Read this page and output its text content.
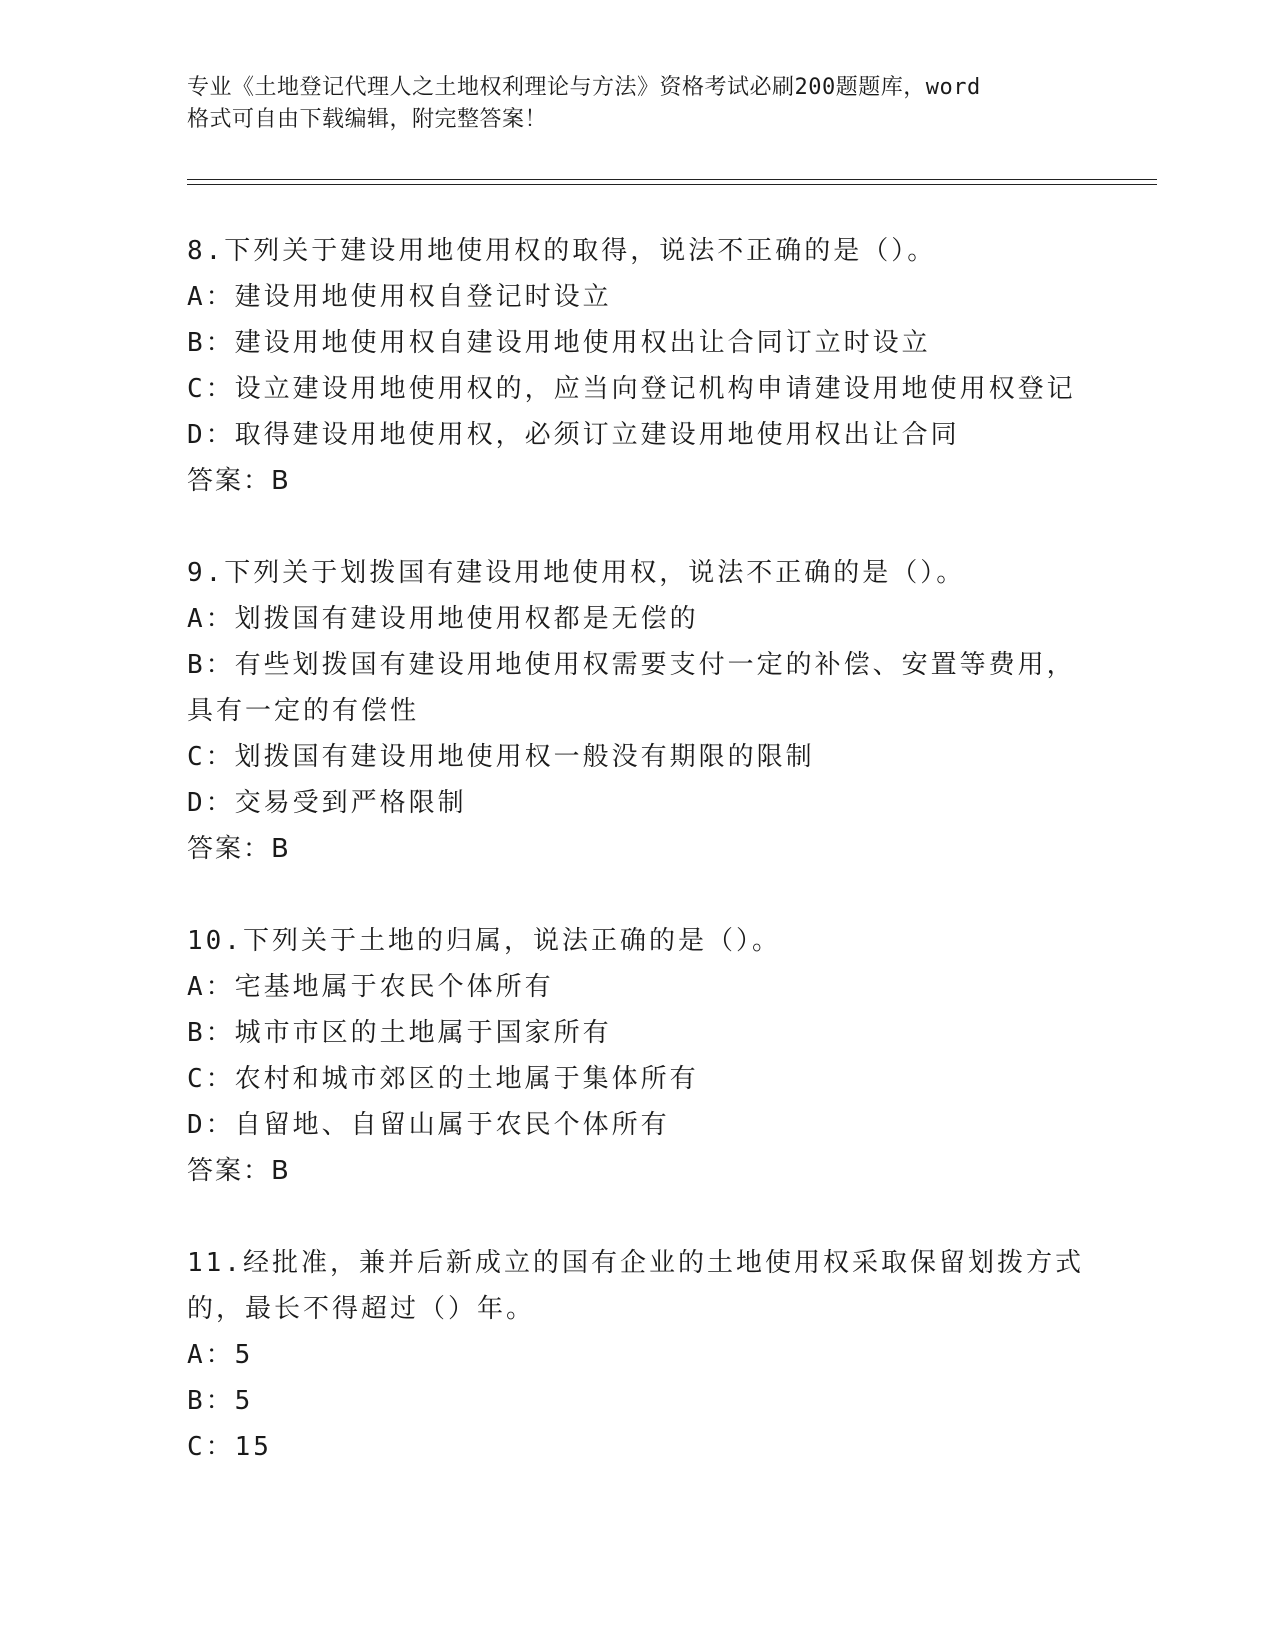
专业《土地登记代理人之土地权利理论与方法》资格考试必刷200题题库，word
格式可自由下载编辑，附完整答案！
8.下列关于建设用地使用权的取得，说法不正确的是（）。
A：建设用地使用权自登记时设立
B：建设用地使用权自建设用地使用权出让合同订立时设立
C：设立建设用地使用权的，应当向登记机构申请建设用地使用权登记
D：取得建设用地使用权，必须订立建设用地使用权出让合同
答案：B
9.下列关于划拨国有建设用地使用权，说法不正确的是（）。
A：划拨国有建设用地使用权都是无偿的
B：有些划拨国有建设用地使用权需要支付一定的补偿、安置等费用，
具有一定的有偿性
C：划拨国有建设用地使用权一般没有期限的限制
D：交易受到严格限制
答案：B
10.下列关于土地的归属，说法正确的是（）。
A：宅基地属于农民个体所有
B：城市市区的土地属于国家所有
C：农村和城市郊区的土地属于集体所有
D：自留地、自留山属于农民个体所有
答案：B
11.经批准，兼并后新成立的国有企业的土地使用权采取保留划拨方式
的，最长不得超过（）年。
A：5
B：5
C：15
